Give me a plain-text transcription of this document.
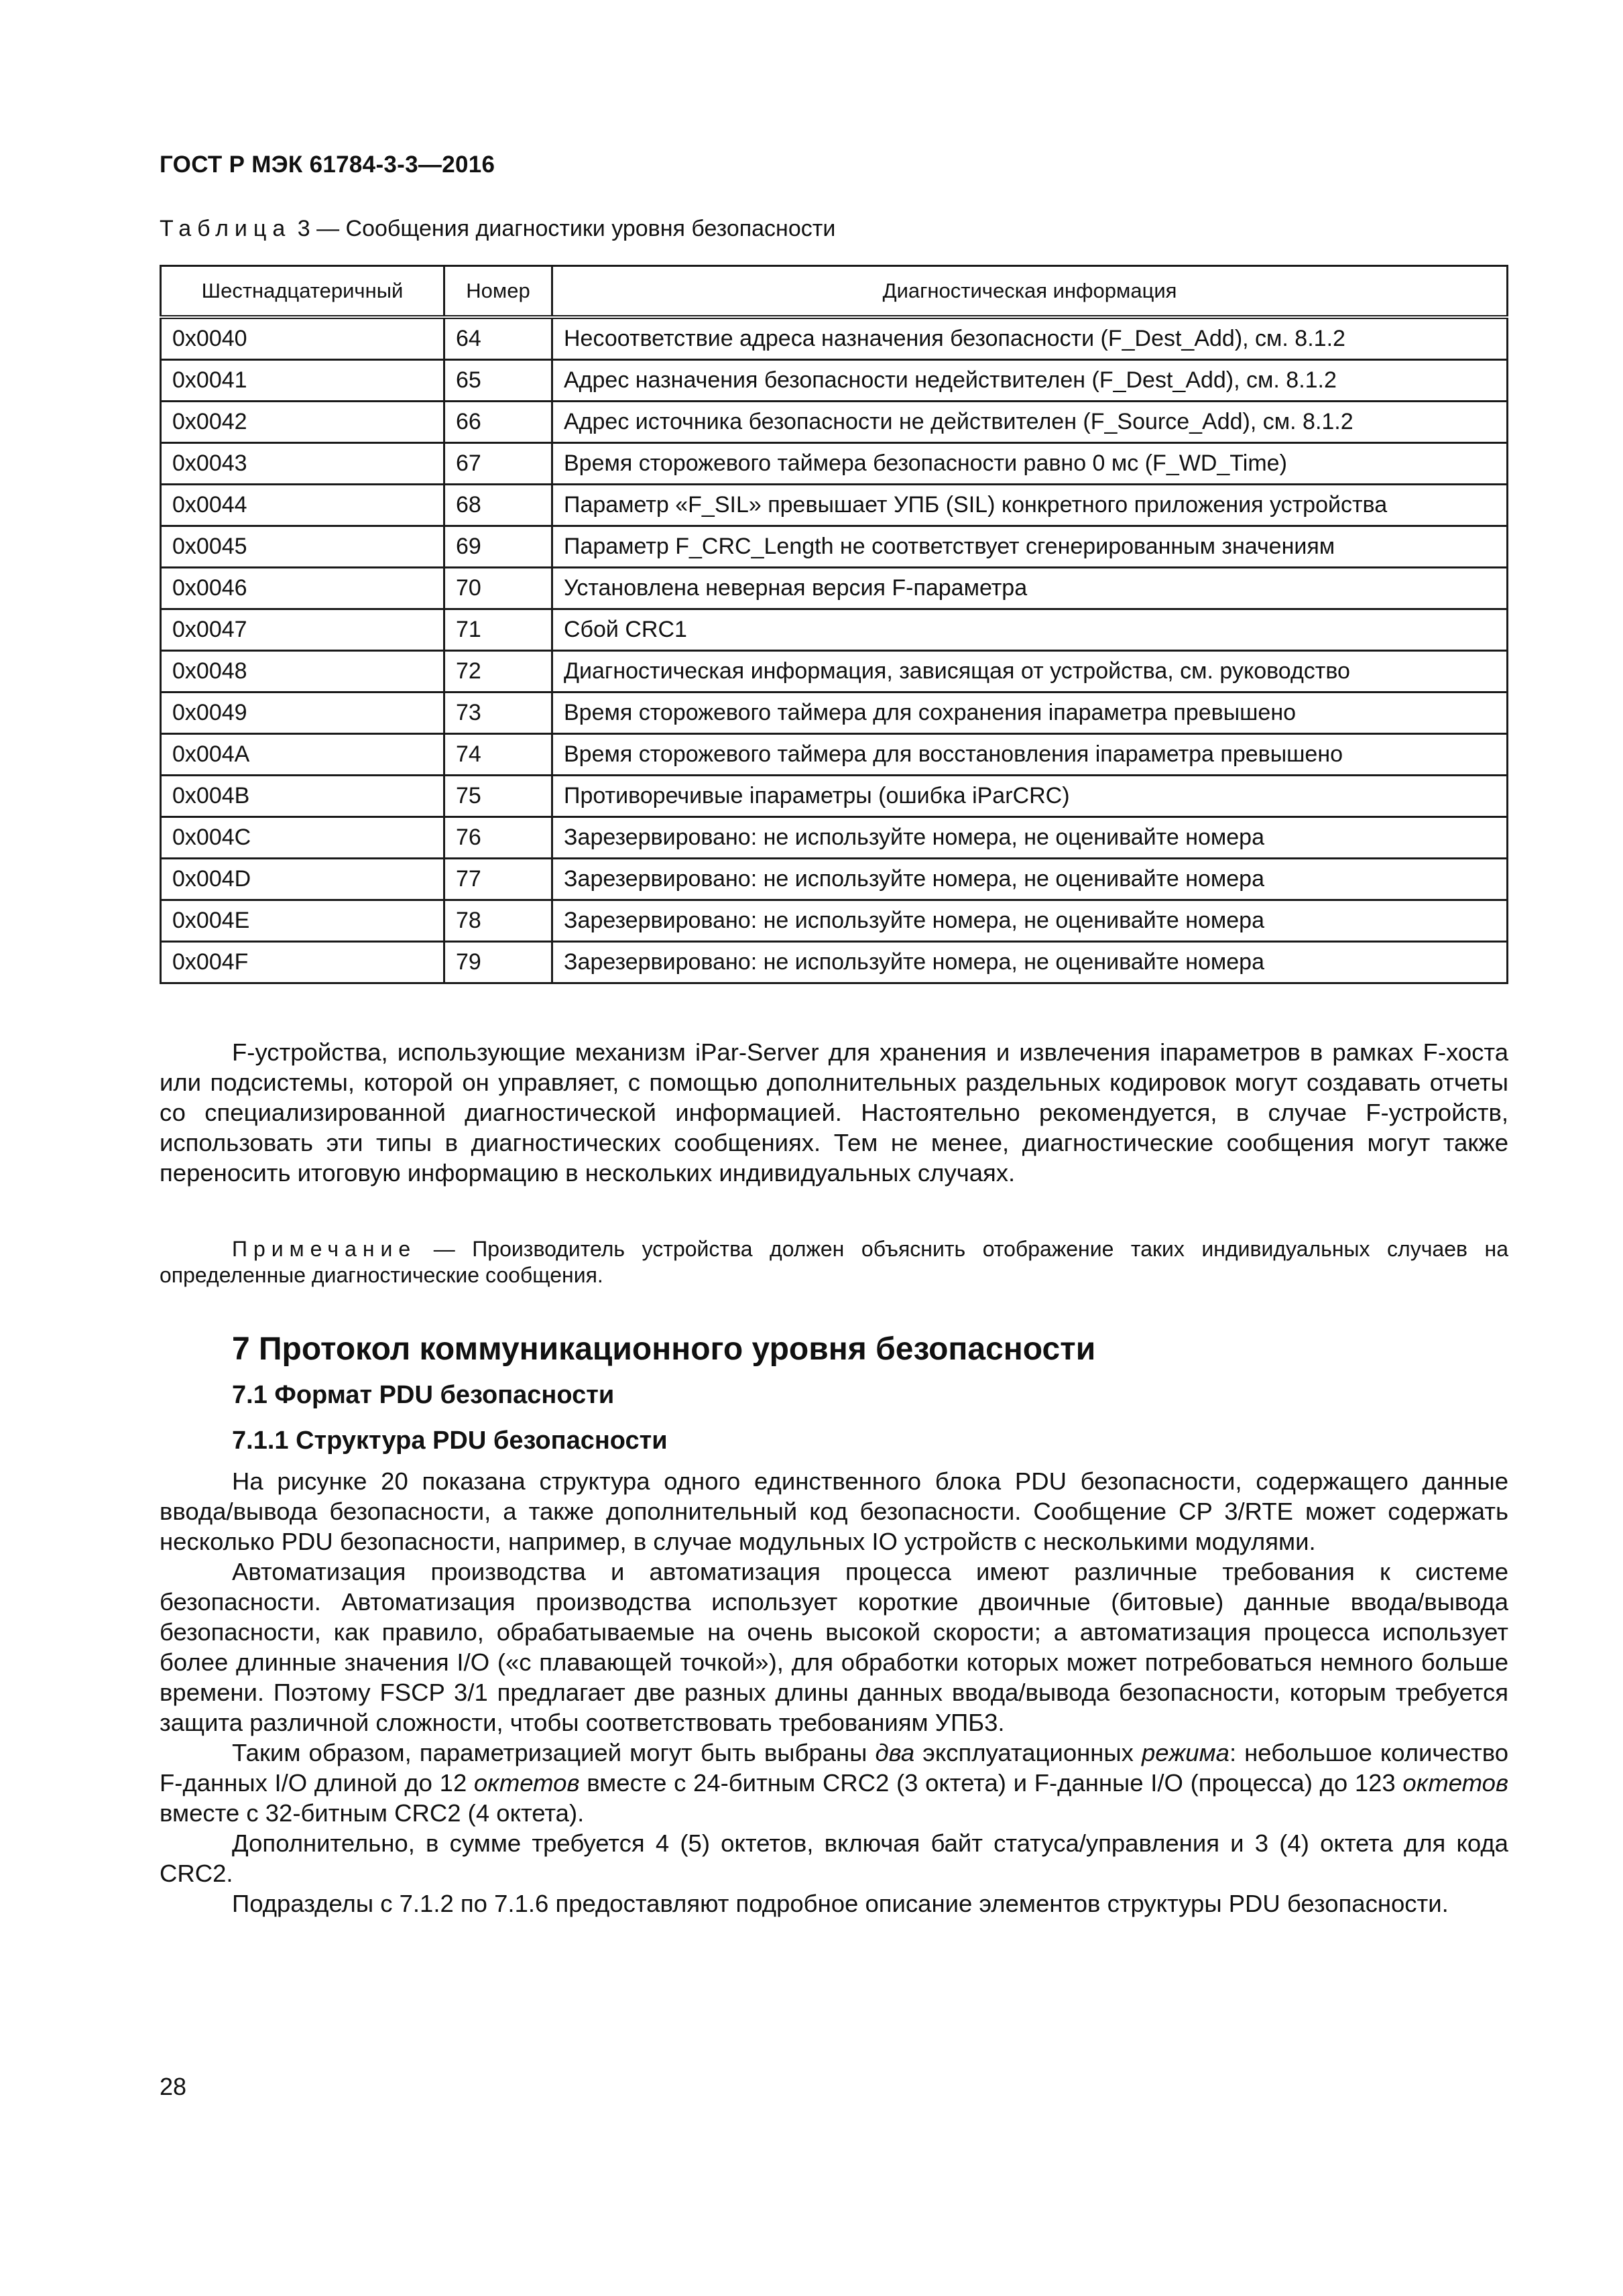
ГОСТ Р МЭК 61784-3-3—2016
Таблица 3 — Сообщения диагностики уровня безопасности
Шестнадцатеричный	Номер	Диагностическая информация
0x0040	64	Несоответствие адреса назначения безопасности (F_Dest_Add), см. 8.1.2
0x0041	65	Адрес назначения безопасности недействителен (F_Dest_Add), см. 8.1.2
0x0042	66	Адрес источника безопасности не действителен (F_Source_Add), см. 8.1.2
0x0043	67	Время сторожевого таймера безопасности равно 0 мс (F_WD_Time)
0x0044	68	Параметр «F_SIL» превышает УПБ (SIL) конкретного приложения устройства
0x0045	69	Параметр F_CRC_Length не соответствует сгенерированным значениям
0x0046	70	Установлена неверная версия F-параметра
0x0047	71	Сбой CRC1
0x0048	72	Диагностическая информация, зависящая от устройства, см. руководство
0x0049	73	Время сторожевого таймера для сохранения iпараметра превышено
0x004A	74	Время сторожевого таймера для восстановления iпараметра превышено
0x004B	75	Противоречивые iпараметры (ошибка iParCRC)
0x004C	76	Зарезервировано: не используйте номера, не оценивайте номера
0x004D	77	Зарезервировано: не используйте номера, не оценивайте номера
0x004E	78	Зарезервировано: не используйте номера, не оценивайте номера
0x004F	79	Зарезервировано: не используйте номера, не оценивайте номера

F-устройства, использующие механизм iPar-Server для хранения и извлечения iпараметров в рамках F-хоста или подсистемы, которой он управляет, с помощью дополнительных раздельных кодировок могут создавать отчеты со специализированной диагностической информацией. Настоятельно рекомендуется, в случае F-устройств, использовать эти типы в диагностических сообщениях. Тем не менее, диагностические сообщения могут также переносить итоговую информацию в нескольких индивидуальных случаях.

Примечание — Производитель устройства должен объяснить отображение таких индивидуальных случаев на определенные диагностические сообщения.

7 Протокол коммуникационного уровня безопасности
7.1 Формат PDU безопасности
7.1.1 Структура PDU безопасности

На рисунке 20 показана структура одного единственного блока PDU безопасности, содержащего данные ввода/вывода безопасности, а также дополнительный код безопасности. Сообщение CP 3/RTE может содержать несколько PDU безопасности, например, в случае модульных IO устройств с несколькими модулями.

Автоматизация производства и автоматизация процесса имеют различные требования к системе безопасности. Автоматизация производства использует короткие двоичные (битовые) данные ввода/вывода безопасности, как правило, обрабатываемые на очень высокой скорости; а автоматизация процесса использует более длинные значения I/O («с плавающей точкой»), для обработки которых может потребоваться немного больше времени. Поэтому FSCP 3/1 предлагает две разных длины данных ввода/вывода безопасности, которым требуется защита различной сложности, чтобы соответствовать требованиям УПБ3.

Таким образом, параметризацией могут быть выбраны два эксплуатационных режима: небольшое количество F-данных I/O длиной до 12 октетов вместе с 24-битным CRC2 (3 октета) и F-данные I/O (процесса) до 123 октетов вместе с 32-битным CRC2 (4 октета).

Дополнительно, в сумме требуется 4 (5) октетов, включая байт статуса/управления и 3 (4) октета для кода CRC2.

Подразделы с 7.1.2 по 7.1.6 предоставляют подробное описание элементов структуры PDU безопасности.

28
